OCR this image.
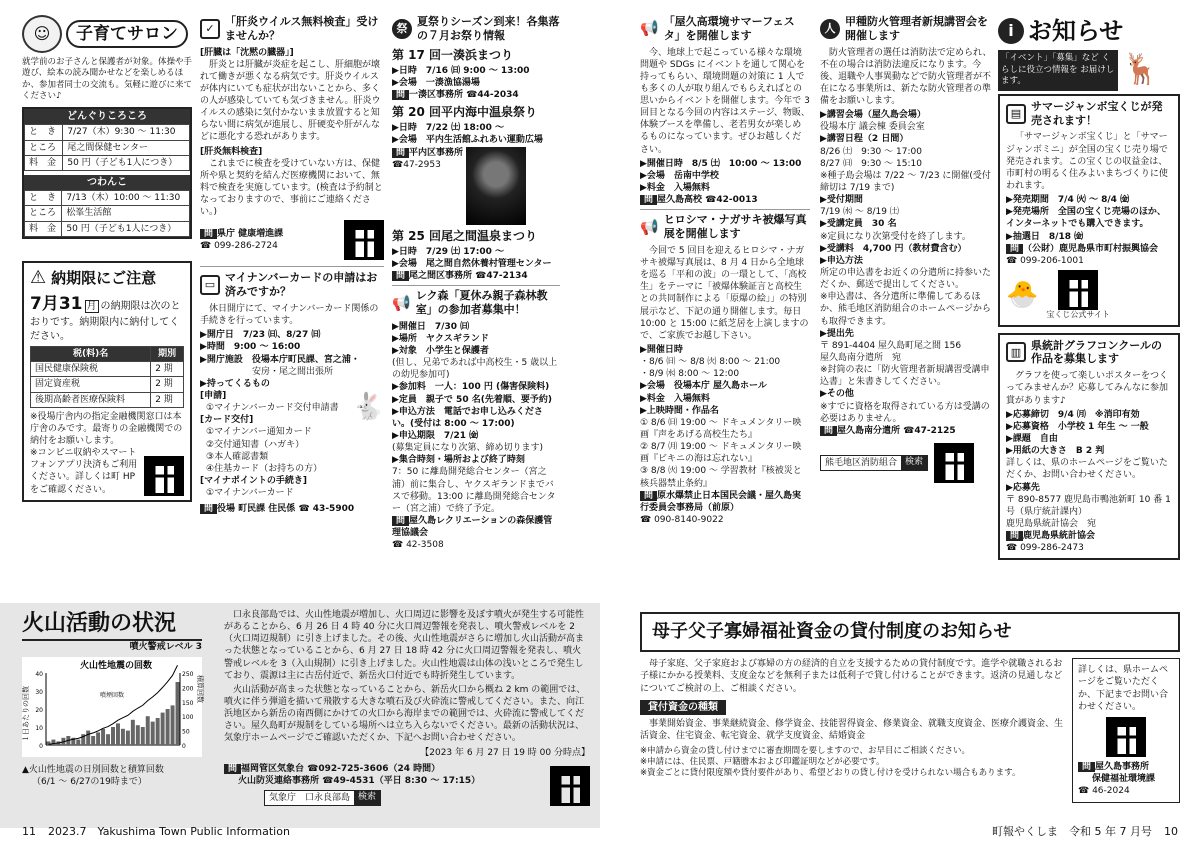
☺	子育てサロン
就学前のお子さんと保護者が対象。体操や手遊び、絵本の読み聞かせなどを楽しめるほか、参加者同士の交流も。気軽に遊びに来てください♪
どんぐりころころ
と　き	7/27（木）9:30 ～ 11:30
ところ	尾之間保健センター
料　金	50 円（子ども1人につき）
つわんこ
と　き	7/13（木）10:00 ～ 11:30
ところ	松峯生活館
料　金	50 円（子ども1人につき）
⚠ 納期限にご注意
7月31 月 の納期限は次のとおりです。納期限内に納付してください。
税(料)名	期別
国民健康保険税	2 期
固定資産税	2 期
後期高齢者医療保険料	2 期
※役場庁舎内の指定金融機関窓口は本庁舎のみです。最寄りの金融機関での納付をお願いします。
※コンビニ収納やスマートフォンアプリ決済もご利用ください。詳しくは町 HP をご確認ください。
✓
「肝炎ウイルス無料検査」受けませんか？
[肝臓は「沈黙の臓器」]
肝炎とは肝臓が炎症を起こし、肝細胞が壊れて働きが悪くなる病気です。肝炎ウイルスが体内にいても症状が出ないことから、多くの人が感染していても気づきません。肝炎ウイルスの感染に気付かないまま放置すると知らない間に病気が進展し、肝硬変や肝がんなどに悪化する恐れがあります。
[肝炎無料検査]
これまでに検査を受けていない方は、保健所や県と契約を結んだ医療機関において、無料で検査を実施しています。(検査は予約制となっておりますので、事前にご連絡ください。)
問 県庁 健康増進課
☎ 099-286-2724
▭
マイナンバーカードの申請はお済みですか？
休日開庁にて、マイナンバーカード関係の手続きを行っています。
▶開庁日　7/23 ㈰、8/27 ㈰
▶時間　9:00 ～ 16:00
▶開庁施設　役場本庁町民課、宮之浦・
安房・尾之間出張所
▶持ってくるもの
[申請]
①マイナンバーカード交付申請書
[カード交付]
①マイナンバー通知カード
②交付通知書（ハガキ）
③本人確認書類
④住基カード（お持ちの方）
[マイナポイントの手続き]
①マイナンバーカード
🐇
問 役場 町民課 住民係 ☎ 43-5900
祭
夏祭りシーズン到来！各集落の７月お祭り情報
第 17 回一湊浜まつり
▶日時　7/16 ㈰ 9:00 ～ 13:00
▶会場　一湊漁協湯場
問 一湊区事務所 ☎44-2034
第 20 回平内海中温泉祭り
▶日時　7/22 ㈯ 18:00 ～
▶会場　平内生活館ふれあい運動広場
問 平内区事務所
☎47-2953
第 25 回尾之間温泉まつり
▶日時　7/29 ㈯ 17:00 ～
▶会場　尾之間自然休養村管理センター
問 尾之間区事務所 ☎47-2134
📢 レク森「夏休み親子森林教室」の参加者募集中！
▶開催日　7/30 ㈰
▶場所　ヤクスギランド
▶対象　小学生と保護者
(但し、兄弟であれば中高校生・5 歳以上の幼児参加可)
▶参加料　一人：100 円 (傷害保険料)
▶定員　親子で 50 名(先着順、要予約)
▶申込方法　電話でお申し込みください。(受付は 8:00 ～ 17:00)
▶申込期限　7/21 ㈮
(募集定員になり次第、締め切ります)
▶集合時刻・場所および終了時刻
7：50 に離島開発総合センター（宮之浦）前に集合し、ヤクスギランドまでバスで移動。13:00 に離島開発総合センター（宮之浦）で終了予定。
問 屋久島レクリエーションの森保護管理協議会
☎ 42-3508
📢 「屋久高環境サマーフェスタ」を開催します
今、地球上で起こっている様々な環境問題や SDGs にイベントを通して関心を持ってもらい、環境問題の対策に 1 人でも多くの人が取り組んでもらえればとの思いからイベントを開催します。今年で 3 回目となる今回の内容はステージ、物販、体験ブースを準備し、老若男女が楽しめるものになっています。ぜひお越しください。
▶開催日時　8/5 ㈯　10:00 ～ 13:00
▶会場　岳南中学校
▶料金　入場無料
問 屋久島高校 ☎42-0013
📢 ヒロシマ・ナガサキ被爆写真展を開催します
今回で 5 回目を迎えるヒロシマ・ナガサキ被爆写真展は、8 月 4 日から全地球を巡る「平和の波」の一環として、「高校生」をテーマに「被爆体験証言と高校生との共同制作による「原爆の絵」」の特別展示など、下記の通り開催します。毎日 10:00 と 15:00 に紙芝居を上演しますので、ご家族でお越し下さい。
▶開催日時
・8/6 ㈰ ～ 8/8 ㈫ 8:00 ～ 21:00
・8/9 ㈬ 8:00 ～ 12:00
▶会場　役場本庁 屋久島ホール
▶料金　入場無料
▶上映時間・作品名
① 8/6 ㈰ 19:00 ～ ドキュメンタリー映画『声をあげる高校生たち』
② 8/7 ㈪ 19:00 ～ ドキュメンタリー映画『ビキニの海は忘れない』
③ 8/8 ㈫ 19:00 ～ 学習教材『核被災と核兵器禁止条約』
問 原水爆禁止日本国民会議・屋久島実行委員会事務局（前原）
☎ 090-8140-9022
人
甲種防火管理者新規講習会を開催します
防火管理者の選任は消防法で定められ、不在の場合は消防法違反になります。今後、退職や人事異動などで防火管理者が不在になる事業所は、新たな防火管理者の準備をお願いします。
▶講習会場（屋久島会場）
役場本庁 議会棟 委員会室
▶講習日程（2 日間）
8/26 ㈯　9:30 ～ 17:00
8/27 ㈰　9:30 ～ 15:10
※種子島会場は 7/22 ～ 7/23 に開催(受付締切は 7/19 まで)
▶受付期間
7/19 ㈬ ～ 8/19 ㈯
▶受講定員　30 名
※定員になり次第受付を終了します。
▶受講料　4,700 円（教材費含む）
▶申込方法
所定の申込書をお近くの分遣所に持参いただくか、郵送で提出してください。
※申込書は、各分遣所に準備してあるほか、熊毛地区消防組合のホームページからも取得できます。
▶提出先
〒 891-4404 屋久島町尾之間 156
屋久島南分遣所　宛
※封筒の表に「防火管理者新規講習受講申込書」と朱書きしてください。
▶その他
※すでに資格を取得されている方は受講の必要はありません。
問 屋久島南分遣所 ☎47-2125
熊毛地区消防組合 検索
i お知らせ
「イベント」「募集」など くらしに役立つ情報を お届けします。	🦌
▤
サマージャンボ宝くじが発売されます！
「サマージャンボ宝くじ」と「サマージャンボミニ」が全国の宝くじ売り場で発売されます。この宝くじの収益金は、市町村の明るく住みよいまちづくりに使われます。
▶発売期間　7/4 ㈫ ～ 8/4 ㈮
▶発売場所　全国の宝くじ売場のほか、インターネットでも購入できます。
▶抽選日　8/18 ㈮
問 （公財）鹿児島県市町村振興協会
☎ 099-206-1001
🐣
宝くじ公式サイト
▥
県統計グラフコンクールの作品を募集します
グラフを使って楽しいポスターをつくってみませんか？応募してみんなに参加賞があります♪
▶応募締切　9/4 ㈪　※消印有効
▶応募資格　小学校 1 年生 ～ 一般
▶課題　自由
▶用紙の大きさ　B 2 判
詳しくは、県のホームページをご覧いただくか、お問い合わせください。
▶応募先
〒 890-8577 鹿児島市鴨池新町 10 番 1 号（県庁統計課内）
鹿児島県統計協会　宛
問 鹿児島県統計協会
☎ 099-286-2473
火山活動の状況
噴火警戒レベル 3
火山性地震の回数
１日あたりの回数	積算回数
0
10
20
30
40
0
50
100
150
200
250
噴煙回数
▲火山性地震の日別回数と積算回数
（6/1 ～ 6/27の19時まで）
口永良部島では、火山性地震が増加し、火口周辺に影響を及ぼす噴火が発生する可能性があることから、6 月 26 日 4 時 40 分に火口周辺警報を発表し、噴火警戒レベルを 2（火口周辺規制）に引き上げました。その後、火山性地震がさらに増加し火山活動が高まった状態となっていることから、6 月 27 日 18 時 42 分に火口周辺警報を発表し、噴火警戒レベルを 3（入山規制）に引き上げました。火山性地震は山体の浅いところで発生しており、震源は主に古岳付近で、新岳火口付近でも時折発生しています。
火山活動が高まった状態となっていることから、新岳火口から概ね 2 km の範囲では、噴火に伴う弾道を描いて飛散する大きな噴石及び火砕流に警戒してください。また、向江浜地区から新岳の南西側にかけての火口から海岸までの範囲では、火砕流に警戒してください。屋久島町が規制をしている場所へは立ち入らないでください。最新の活動状況は、気象庁ホームページでご確認いただくか、下記へお問い合わせください。
【2023 年 6 月 27 日 19 時 00 分時点】
問 福岡管区気象台 ☎092-725-3606（24 時間）
火山防災連絡事務所 ☎49-4531（平日 8:30 ～ 17:15）
気象庁　口永良部島 検索
母子父子寡婦福祉資金の貸付制度のお知らせ
母子家庭、父子家庭および寡婦の方の経済的自立を支援するための貸付制度です。進学や就職されるお子様にかかる授業料、支度金などを無利子または低利子で貸し付けることができます。返済の見通しなどについてご検討の上、ご相談ください。
貸付資金の種類
事業開始資金、事業継続資金、修学資金、技能習得資金、修業資金、就職支度資金、医療介護資金、生活資金、住宅資金、転宅資金、就学支度資金、結婚資金
※申請から資金の貸し付けまでに審査期間を要しますので、お早目にご相談ください。
※申請には、住民票、戸籍謄本および印鑑証明などが必要です。
※資金ごとに貸付限度額や貸付要件があり、希望どおりの貸し付けを受けられない場合もあります。
詳しくは、県ホームページをご覧いただくか、下記までお問い合わせください。
問 屋久島事務所
保健福祉環境課
☎ 46-2024
11 2023.7　Yakushima Town Public Information	町報やくしま　令和 5 年 7 月号 10
